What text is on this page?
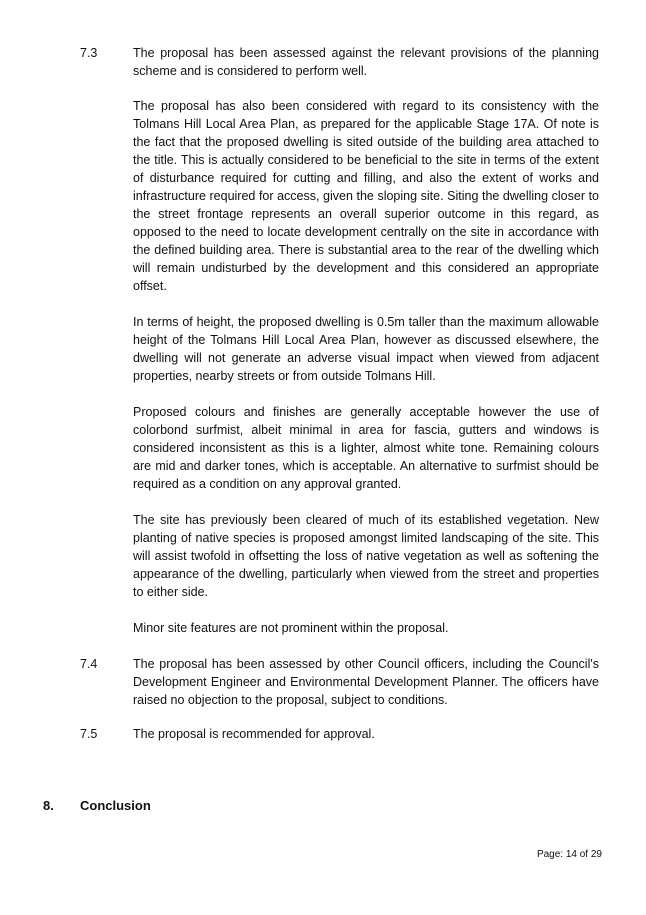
7.3	The proposal has been assessed against the relevant provisions of the planning scheme and is considered to perform well.

The proposal has also been considered with regard to its consistency with the Tolmans Hill Local Area Plan, as prepared for the applicable Stage 17A. Of note is the fact that the proposed dwelling is sited outside of the building area attached to the title. This is actually considered to be beneficial to the site in terms of the extent of disturbance required for cutting and filling, and also the extent of works and infrastructure required for access, given the sloping site. Siting the dwelling closer to the street frontage represents an overall superior outcome in this regard, as opposed to the need to locate development centrally on the site in accordance with the defined building area. There is substantial area to the rear of the dwelling which will remain undisturbed by the development and this considered an appropriate offset.

In terms of height, the proposed dwelling is 0.5m taller than the maximum allowable height of the Tolmans Hill Local Area Plan, however as discussed elsewhere, the dwelling will not generate an adverse visual impact when viewed from adjacent properties, nearby streets or from outside Tolmans Hill.

Proposed colours and finishes are generally acceptable however the use of colorbond surfmist, albeit minimal in area for fascia, gutters and windows is considered inconsistent as this is a lighter, almost white tone. Remaining colours are mid and darker tones, which is acceptable. An alternative to surfmist should be required as a condition on any approval granted.

The site has previously been cleared of much of its established vegetation. New planting of native species is proposed amongst limited landscaping of the site. This will assist twofold in offsetting the loss of native vegetation as well as softening the appearance of the dwelling, particularly when viewed from the street and properties to either side.

Minor site features are not prominent within the proposal.

7.4	The proposal has been assessed by other Council officers, including the Council's Development Engineer and Environmental Development Planner. The officers have raised no objection to the proposal, subject to conditions.

7.5	The proposal is recommended for approval.

8. Conclusion
Page: 14 of 29
